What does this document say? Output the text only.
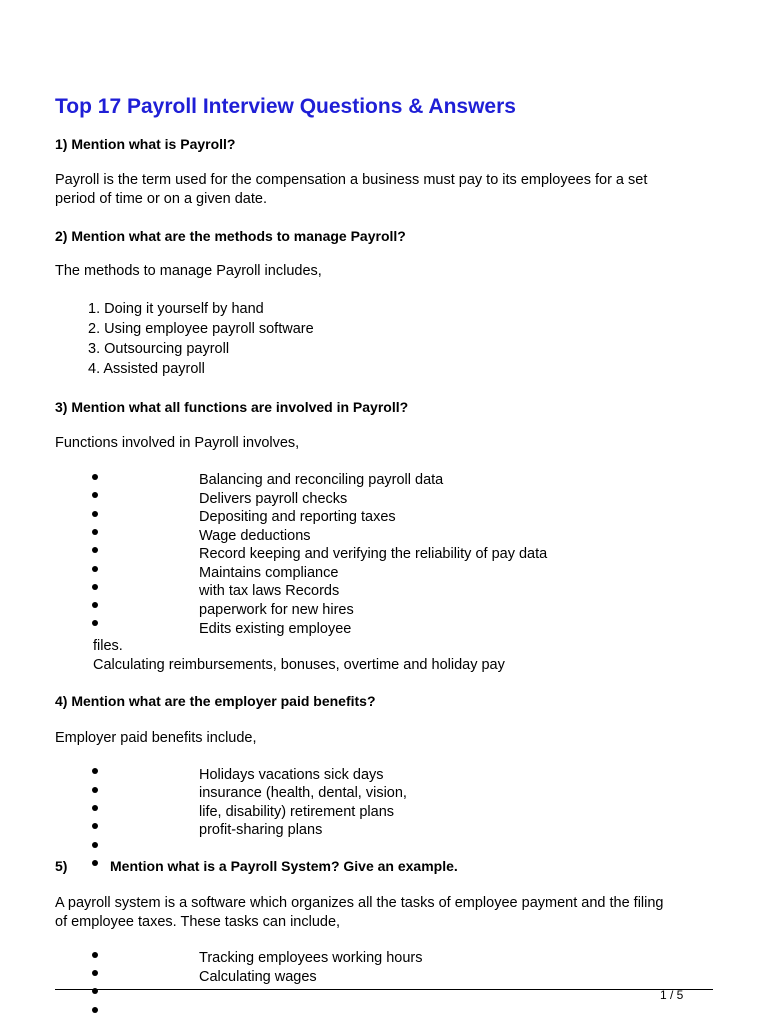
Top 17 Payroll Interview Questions & Answers
1) Mention what is Payroll?
Payroll is the term used for the compensation a business must pay to its employees for a set
period of time or on a given date.
2) Mention what are the methods to manage Payroll?
The methods to manage Payroll includes,
1. Doing it yourself by hand
2. Using employee payroll software
3. Outsourcing payroll
4. Assisted payroll
3) Mention what all functions are involved in Payroll?
Functions involved in Payroll involves,
Balancing and reconciling payroll data
Delivers payroll checks
Depositing and reporting taxes
Wage deductions
Record keeping and verifying the reliability of pay data
Maintains compliance
with tax laws Records
paperwork for new hires
Edits existing employee
files.
Calculating reimbursements, bonuses, overtime and holiday pay
4) Mention what are the employer paid benefits?
Employer paid benefits include,
Holidays vacations sick days
insurance (health, dental, vision,
life, disability) retirement plans
profit-sharing plans
5)	Mention what is a Payroll System? Give an example.
A payroll system is a software which organizes all the tasks of employee payment and the filing
of employee taxes. These tasks can include,
Tracking employees working hours
Calculating wages
1 / 5
